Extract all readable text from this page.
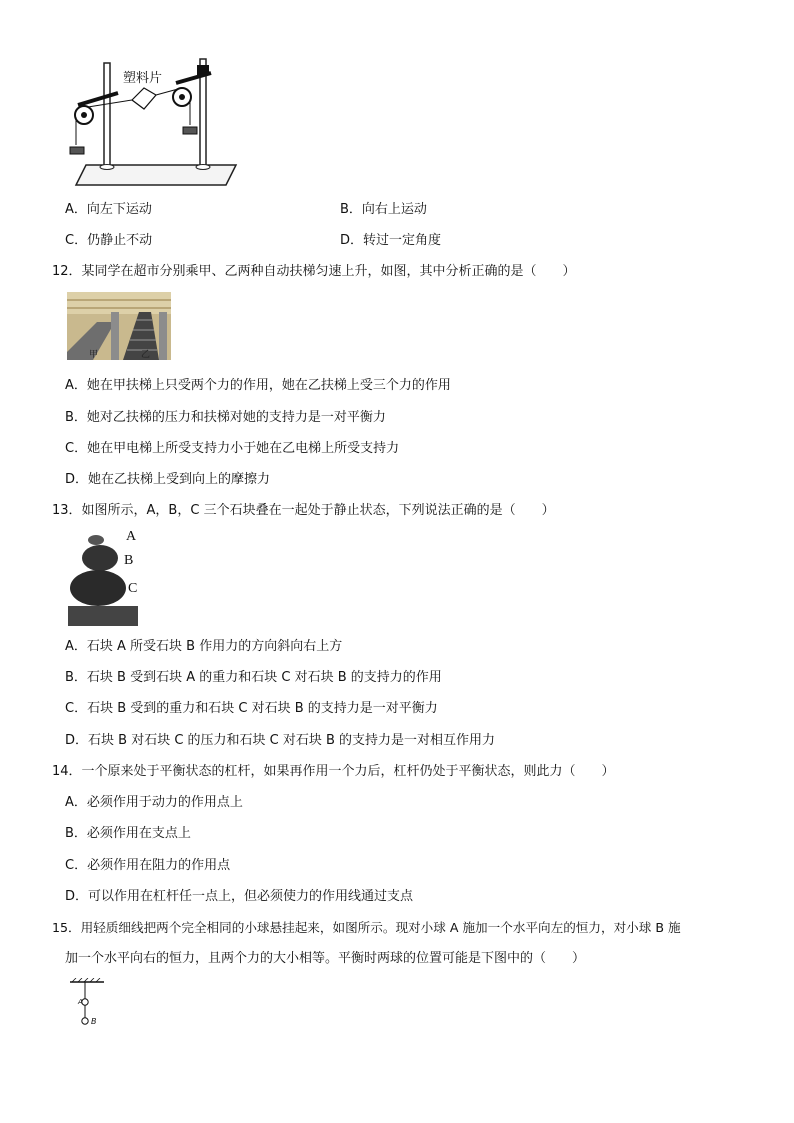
塑料片
A．向左下运动	B．向右上运动
C．仍静止不动	D．转过一定角度
12．某同学在超市分别乘甲、乙两种自动扶梯匀速上升，如图，其中分析正确的是（　　）
甲	乙
A．她在甲扶梯上只受两个力的作用，她在乙扶梯上受三个力的作用
B．她对乙扶梯的压力和扶梯对她的支持力是一对平衡力
C．她在甲电梯上所受支持力小于她在乙电梯上所受支持力
D．她在乙扶梯上受到向上的摩擦力
13．如图所示，A，B，C 三个石块叠在一起处于静止状态，下列说法正确的是（　　）
A
B
C
A．石块 A 所受石块 B 作用力的方向斜向右上方
B．石块 B 受到石块 A 的重力和石块 C 对石块 B 的支持力的作用
C．石块 B 受到的重力和石块 C 对石块 B 的支持力是一对平衡力
D．石块 B 对石块 C 的压力和石块 C 对石块 B 的支持力是一对相互作用力
14．一个原来处于平衡状态的杠杆，如果再作用一个力后，杠杆仍处于平衡状态，则此力（　　）
A．必须作用于动力的作用点上
B．必须作用在支点上
C．必须作用在阻力的作用点
D．可以作用在杠杆任一点上，但必须使力的作用线通过支点
15．用轻质细线把两个完全相同的小球悬挂起来，如图所示。现对小球 A 施加一个水平向左的恒力，对小球 B 施
加一个水平向右的恒力，且两个力的大小相等。平衡时两球的位置可能是下图中的（　　）
A
B
